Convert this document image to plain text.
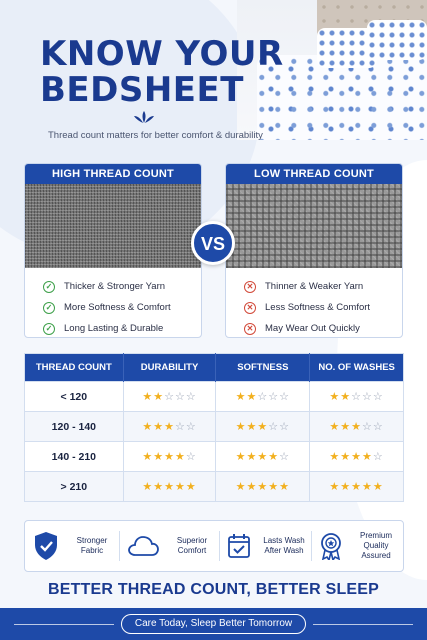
KNOW YOUR
BEDSHEET

Thread count matters for better comfort & durability

HIGH THREAD COUNT
✓ Thicker & Stronger Yarn
✓ More Softness & Comfort
✓ Long Lasting & Durable
VS
LOW THREAD COUNT
✕ Thinner & Weaker Yarn
✕ Less Softness & Comfort
✕ May Wear Out Quickly
THREAD COUNT	DURABILITY	SOFTNESS	NO. OF WASHES
< 120	★★☆☆☆	★★☆☆☆	★★☆☆☆
120 - 140	★★★☆☆	★★★☆☆	★★★☆☆
140 - 210	★★★★☆	★★★★☆	★★★★☆
> 210	★★★★★	★★★★★	★★★★★
Stronger Fabric
Superior Comfort
Lasts Wash After Wash
Premium Quality Assured
BETTER THREAD COUNT, BETTER SLEEP
Care Today, Sleep Better Tomorrow
